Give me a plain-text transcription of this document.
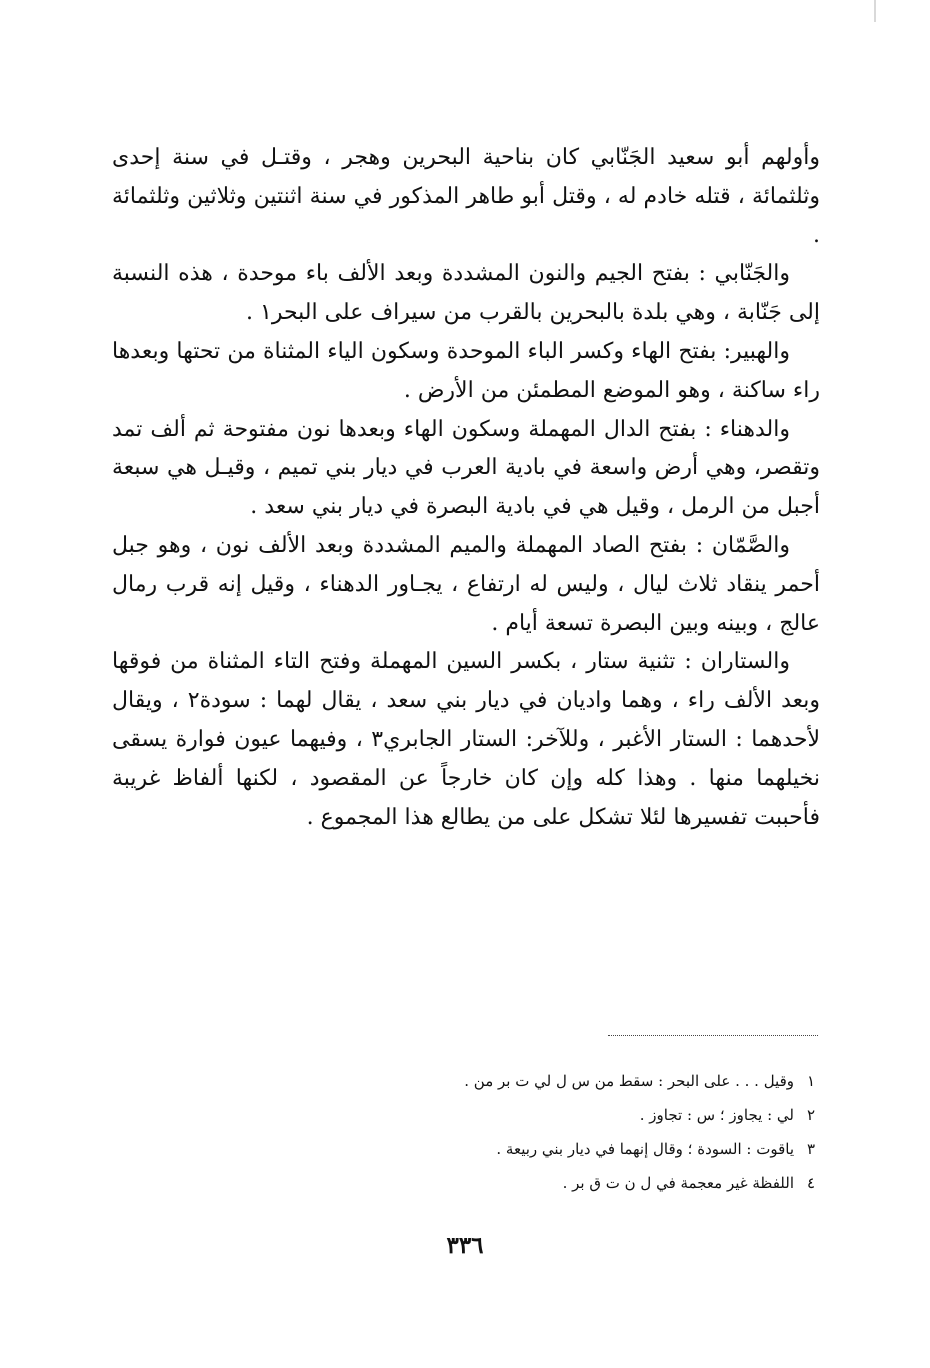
وأولهم أبو سعيد الجَنّابي كان بناحية البحرين وهجر ، وقتـل في سنة إحدى وثلثمائة ، قتله خادم له ، وقتل أبو طاهر المذكور في سنة اثنتين وثلاثين وثلثمائة .

والجَنّابي : بفتح الجيم والنون المشددة وبعد الألف باء موحدة ، هذه النسبة إلى جَنّابة ، وهي بلدة بالبحرين بالقرب من سيراف على البحر١ .

والهبير: بفتح الهاء وكسر الباء الموحدة وسكون الياء المثناة من تحتها وبعدها راء ساكنة ، وهو الموضع المطمئن من الأرض .

والدهناء : بفتح الدال المهملة وسكون الهاء وبعدها نون مفتوحة ثم ألف تمد وتقصر، وهي أرض واسعة في بادية العرب في ديار بني تميم ، وقيـل هي سبعة أجبل من الرمل ، وقيل هي في بادية البصرة في ديار بني سعد .

والصَّمّان : بفتح الصاد المهملة والميم المشددة وبعد الألف نون ، وهو جبل أحمر ينقاد ثلاث ليال ، وليس له ارتفاع ، يجـاور الدهناء ، وقيل إنه قرب رمال عالج ، وبينه وبين البصرة تسعة أيام .

والستاران : تثنية ستار ، بكسر السين المهملة وفتح التاء المثناة من فوقها وبعد الألف راء ، وهما واديان في ديار بني سعد ، يقال لهما : سودة٢ ، ويقال لأحدهما : الستار الأغبر ، وللآخر: الستار الجابري٣ ، وفيهما عيون فوارة يسقى نخيلهما منها . وهذا كله وإن كان خارجاً عن المقصود ، لكنها ألفاظ غريبة فأحببت تفسيرها لئلا تشكل على من يطالع هذا المجموع .

١
وقيل . . . على البحر : سقط من س ل لي ت بر من .
٢
لي : يجاوز ؛ س : تجاوز .
٣
ياقوت : السودة ؛ وقال إنهما في ديار بني ربيعة .
٤
اللفظة غير معجمة في ل ن ت ق بر .
٣٣٦
